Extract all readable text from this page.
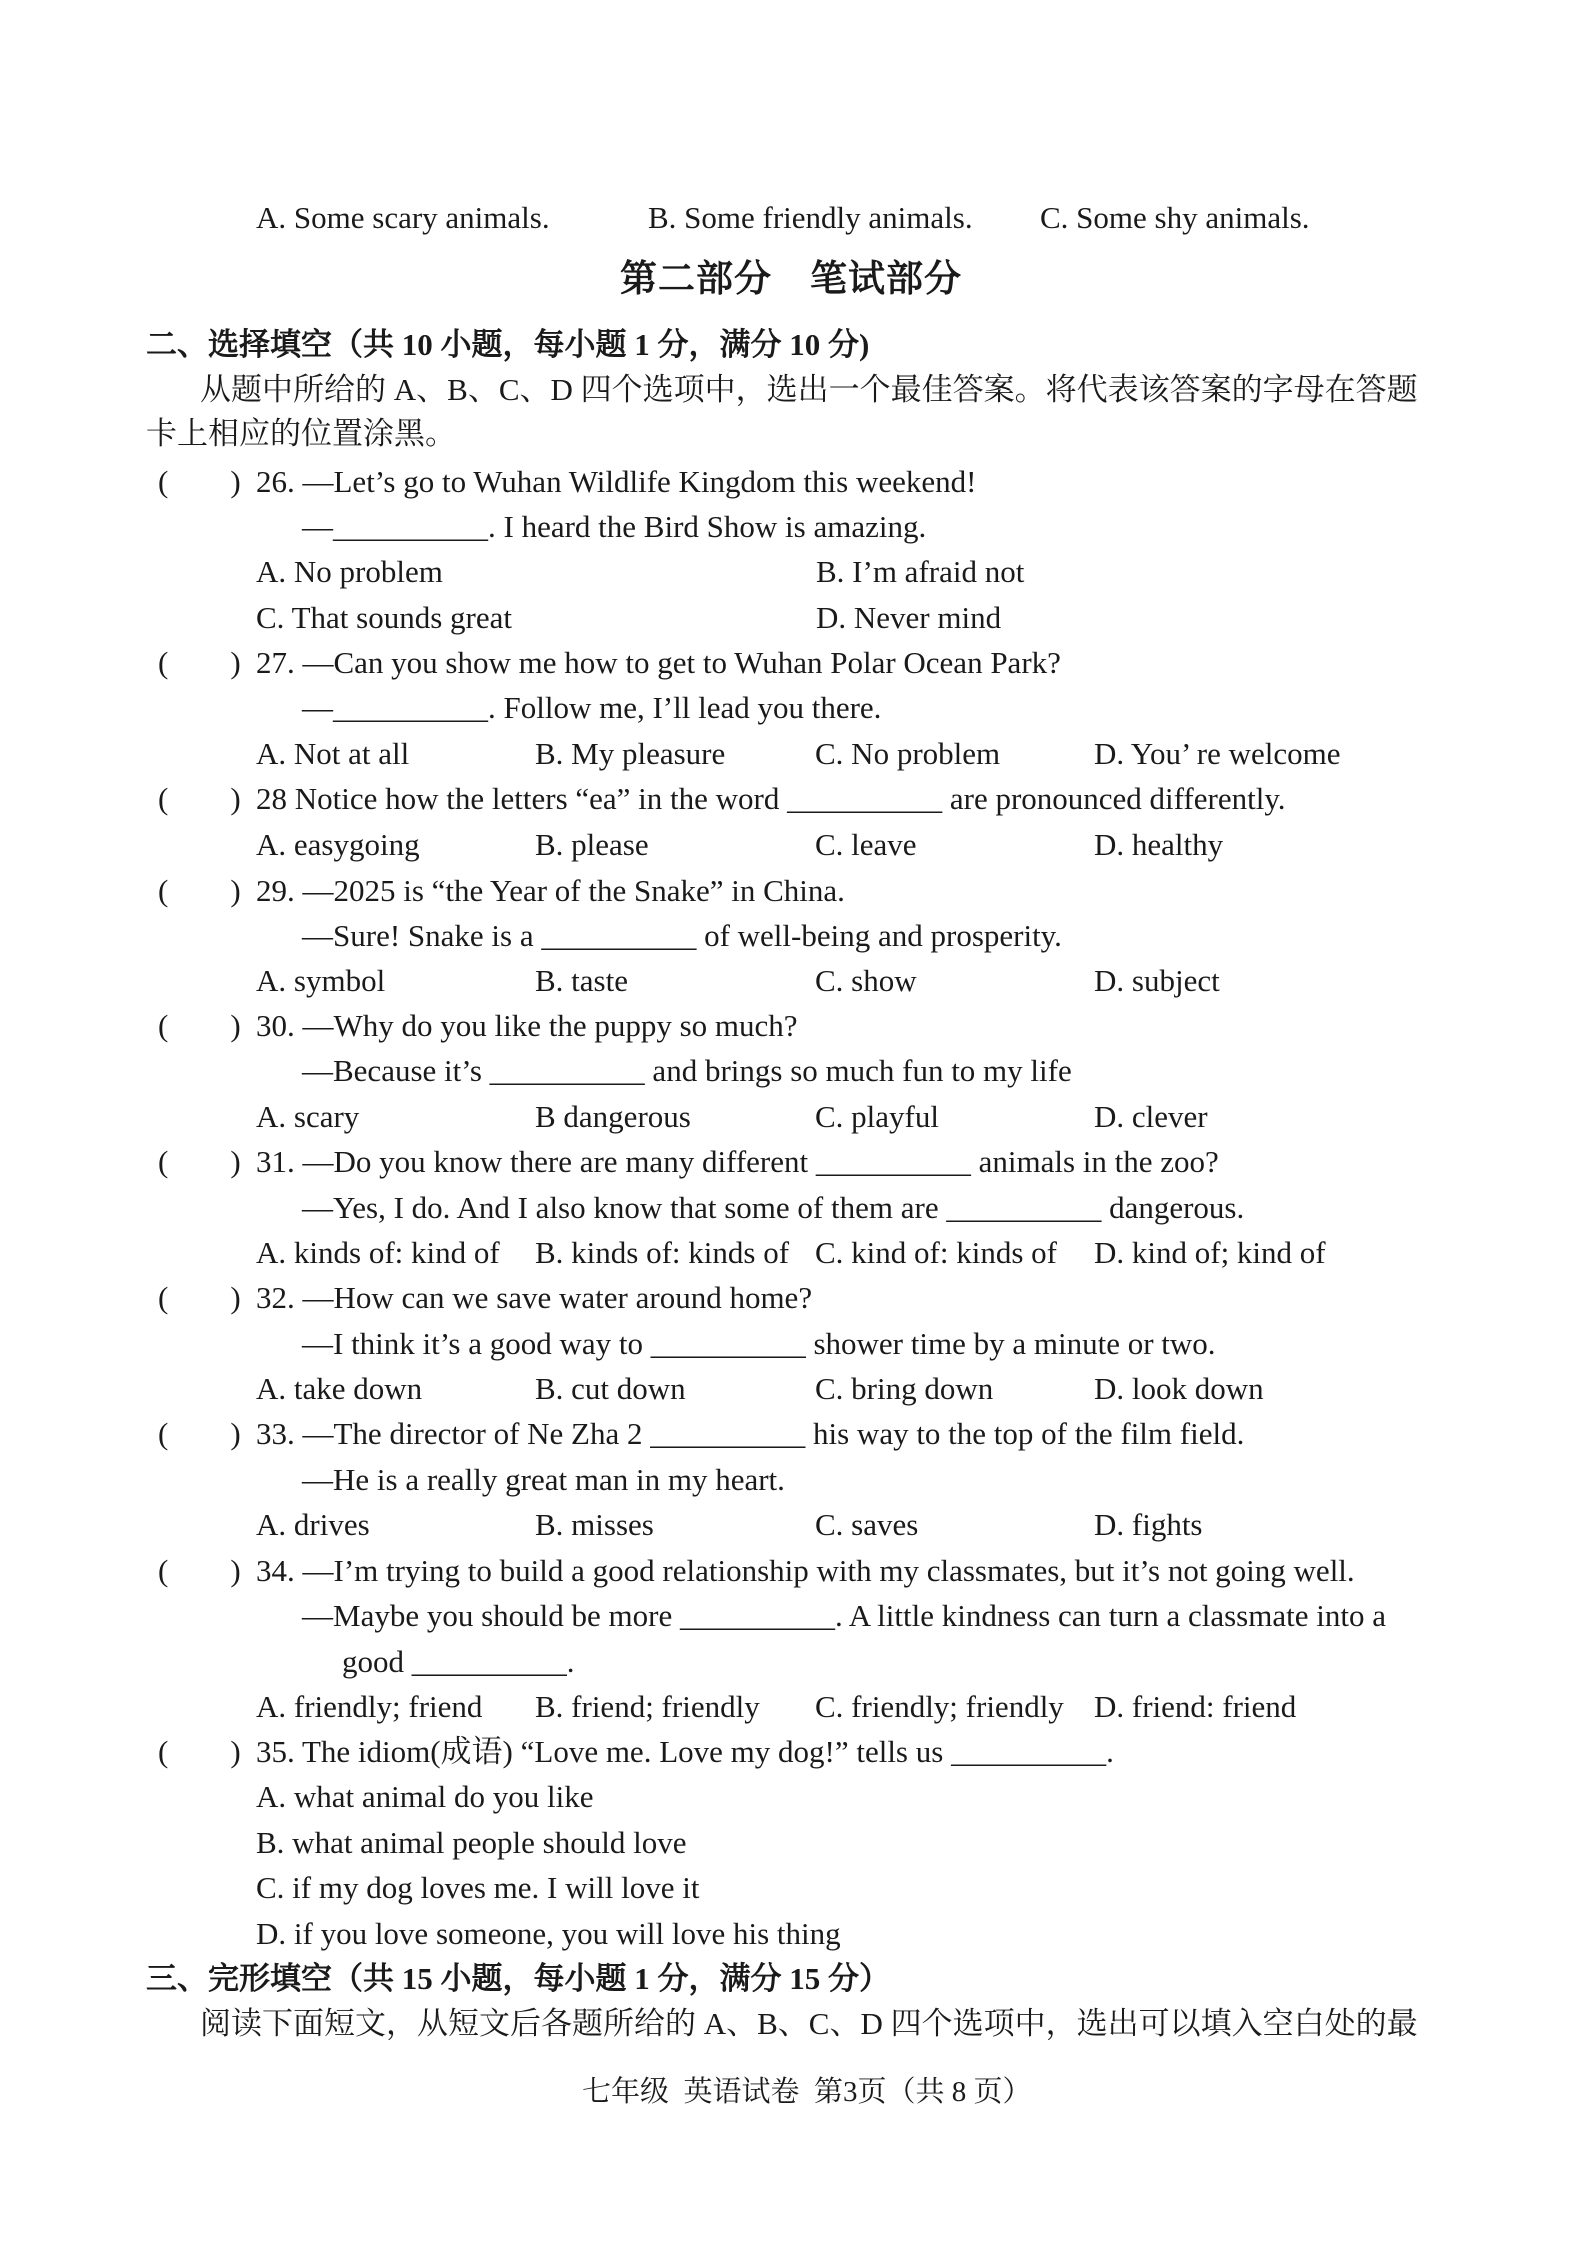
A. Some scary animals.	B. Some friendly animals. C. Some shy animals.
第二部分　笔试部分
二、选择填空（共 10 小题，每小题 1 分，满分 10 分)
从题中所给的 A、B、C、D 四个选项中，选出一个最佳答案。将代表该答案的字母在答题
卡上相应的位置涂黑。
(　　) 26. —Let’s go to Wuhan Wildlife Kingdom this weekend!
—__________. I heard the Bird Show is amazing.
A. No problem	B. I’m afraid not
C. That sounds great	D. Never mind
(　　) 27. —Can you show me how to get to Wuhan Polar Ocean Park?
—__________. Follow me, I’ll lead you there.
A. Not at all	B. My pleasure	C. No problem	D. You’ re welcome
(　　) 28 Notice how the letters “ea” in the word __________ are pronounced differently.
A. easygoing	B. please	C. leave	D. healthy
(　　) 29. —2025 is “the Year of the Snake” in China.
—Sure! Snake is a __________ of well-being and prosperity.
A. symbol	B. taste	C. show	D. subject
(　　) 30. —Why do you like the puppy so much?
—Because it’s __________ and brings so much fun to my life
A. scary	B dangerous	C. playful	D. clever
(　　) 31. —Do you know there are many different __________ animals in the zoo?
—Yes, I do. And I also know that some of them are __________ dangerous.
A. kinds of: kind of B. kinds of: kinds of C. kind of: kinds of D. kind of; kind of
(　　) 32. —How can we save water around home?
—I think it’s a good way to __________ shower time by a minute or two.
A. take down	B. cut down	C. bring down	D. look down
(　　) 33. —The director of Ne Zha 2 __________ his way to the top of the film field.
—He is a really great man in my heart.
A. drives	B. misses	C. saves	D. fights
(　　) 34. —I’m trying to build a good relationship with my classmates, but it’s not going well.
—Maybe you should be more __________. A little kindness can turn a classmate into a
good __________.
A. friendly; friend B. friend; friendly C. friendly; friendly D. friend: friend
(　　) 35. The idiom(成语) “Love me. Love my dog!” tells us __________.
A. what animal do you like
B. what animal people should love
C. if my dog loves me. I will love it
D. if you love someone, you will love his thing
三、完形填空（共 15 小题，每小题 1 分，满分 15 分）
阅读下面短文，从短文后各题所给的 A、B、C、D 四个选项中，选出可以填入空白处的最
七年级  英语试卷  第3页（共 8 页）
